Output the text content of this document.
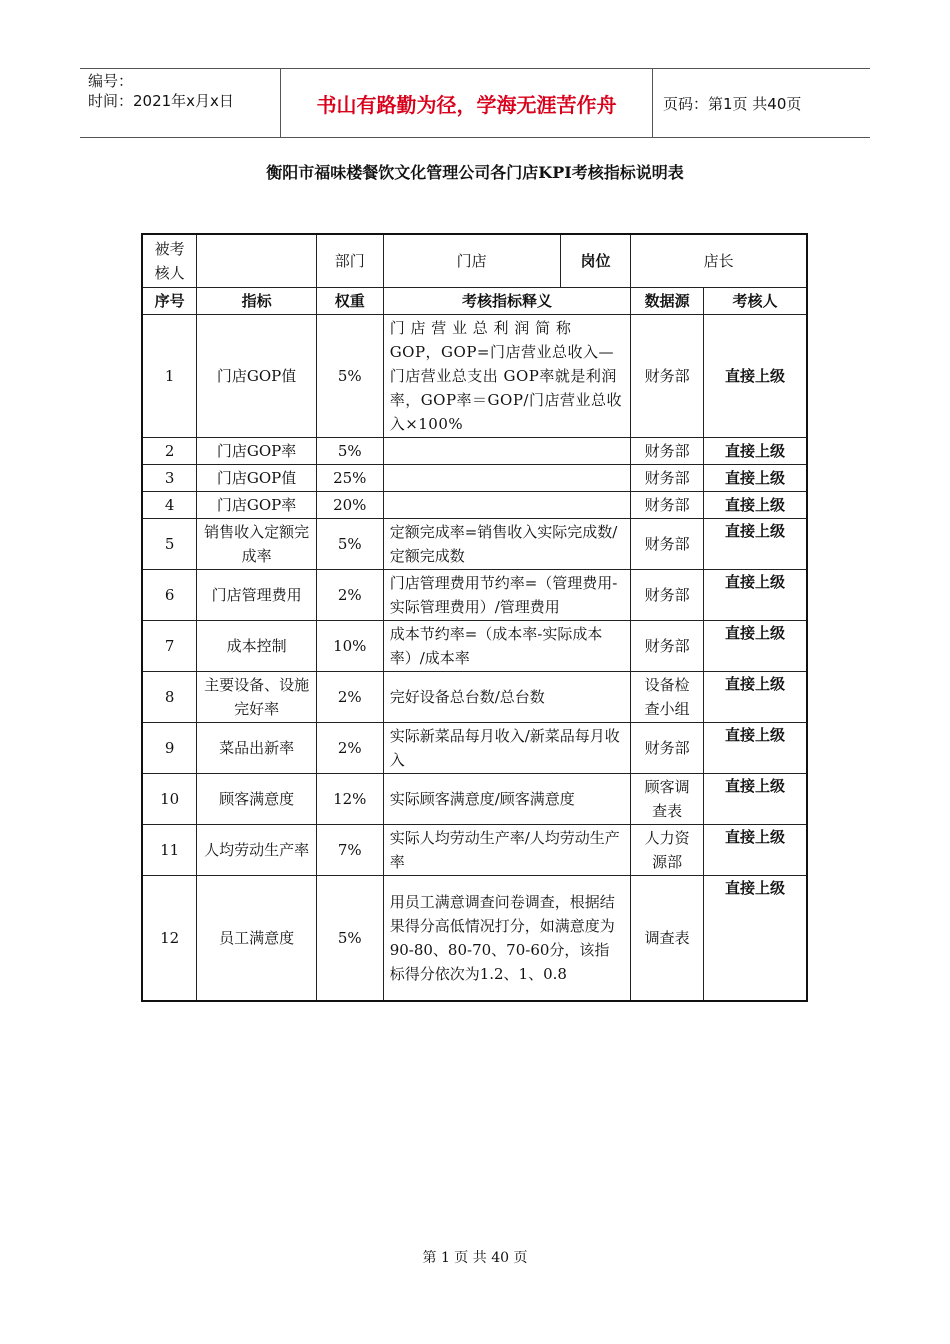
编号：
时间：2021年x月x日	书山有路勤为径，学海无涯苦作舟	页码：第1页 共40页
衡阳市福味楼餐饮文化管理公司各门店KPI考核指标说明表
被考核人		部门	门店 岗位	店长	
序号	指标	权重	考核指标释义	数据源	考核人
1	门店GOP值	5%	门 店 营 业 总 利 润 简 称 GOP，GOP=门店营业总收入—门店营业总支出 GOP率就是利润率，GOP率＝GOP/门店营业总收入×100%	财务部	直接上级
2	门店GOP率	5%		财务部	直接上级
3	门店GOP值	25%		财务部	直接上级
4	门店GOP率	20%		财务部	直接上级
5	销售收入定额完成率	5%	定额完成率=销售收入实际完成数/定额完成数	财务部	直接上级
6	门店管理费用	2%	门店管理费用节约率=（管理费用-实际管理费用）/管理费用	财务部	直接上级
7	成本控制	10%	成本节约率=（成本率-实际成本率）/成本率	财务部	直接上级
8	主要设备、设施完好率	2%	完好设备总台数/总台数	设备检查小组	直接上级
9	菜品出新率	2%	实际新菜品每月收入/新菜品每月收入	财务部	直接上级
10	顾客满意度	12%	实际顾客满意度/顾客满意度	顾客调查表	直接上级
11	人均劳动生产率	7%	实际人均劳动生产率/人均劳动生产率	人力资源部	直接上级
12	员工满意度	5%	用员工满意调查问卷调查，根据结果得分高低情况打分，如满意度为90-80、80-70、70-60分，该指标得分依次为1.2、1、0.8	调查表	直接上级
第 1 页 共 40 页
